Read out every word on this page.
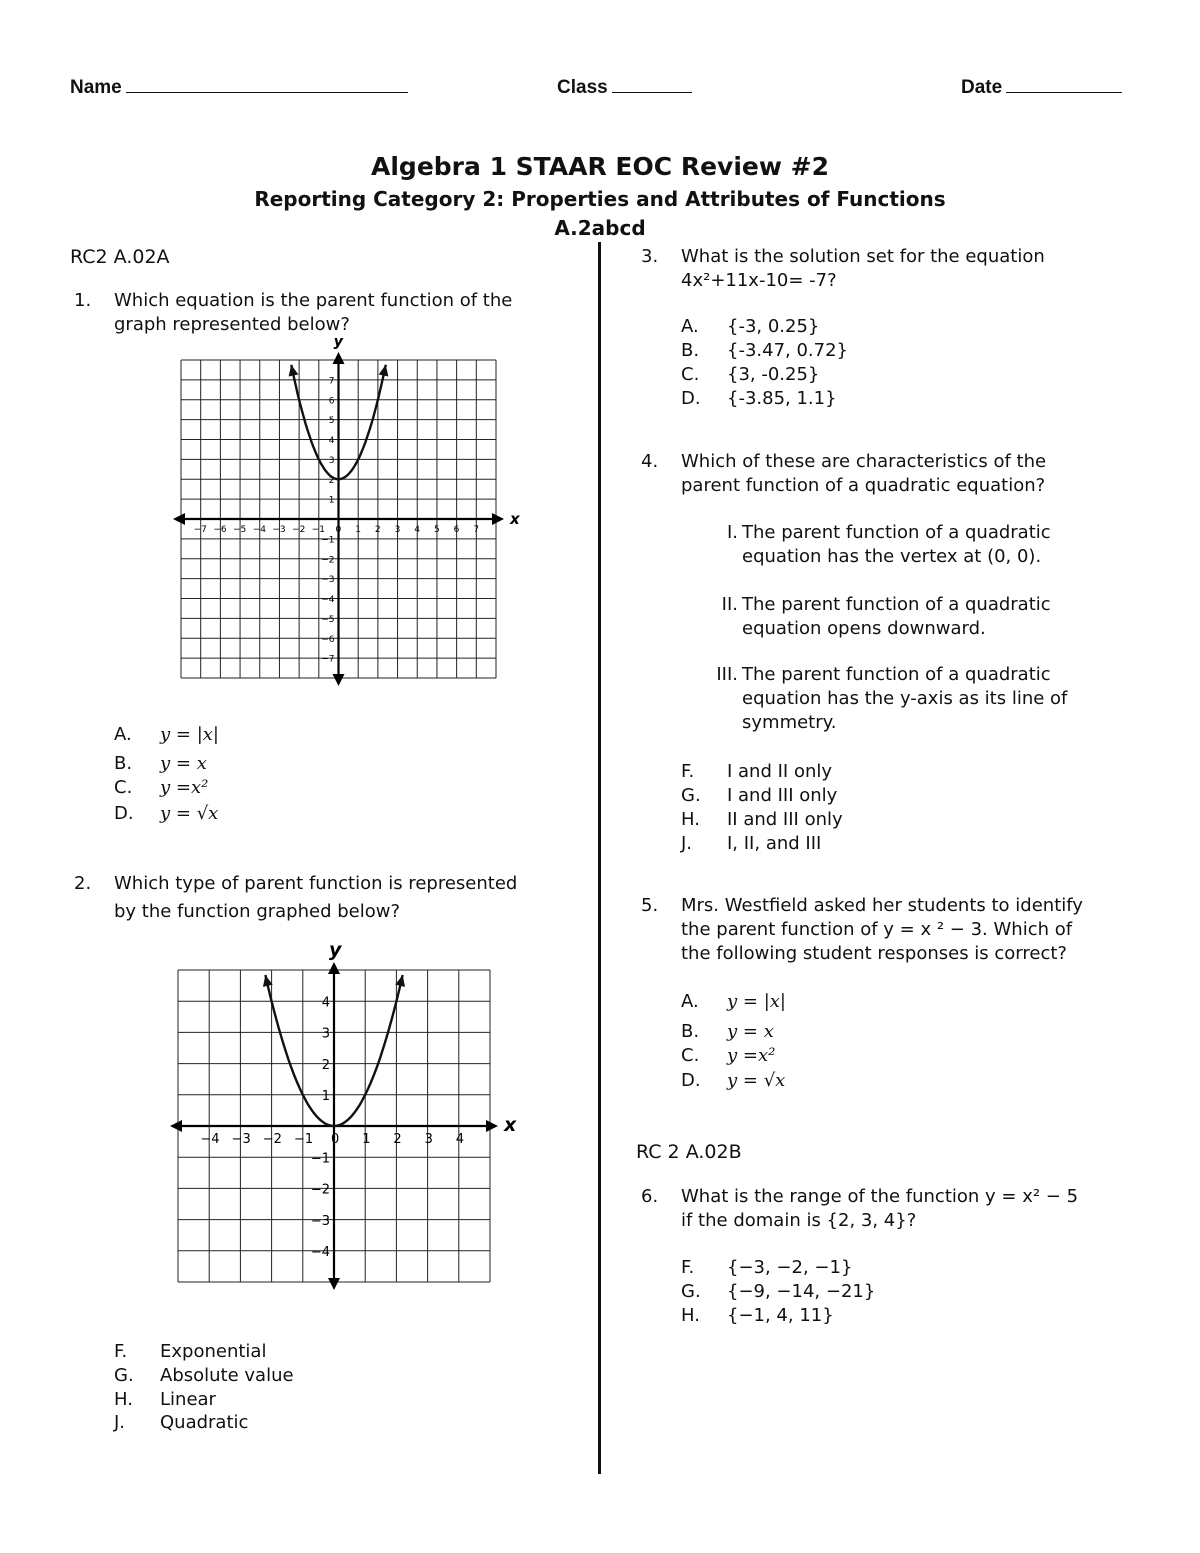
Name	Class	Date
Algebra 1 STAAR EOC Review #2
Reporting Category 2: Properties and Attributes of Functions
A.2abcd
RC2 A.02A
1. Which equation is the parent function of the
graph represented below?
x
y
−7 −6 −5 −4 −3 −2 −1 0 1 2 3 4 5 6 7
7
6
5
4
3
2
1
−1
−2
−3
−4
−5
−6
−7
A. y = |x|
B. y = x
C. y =x²
D. y = √x
2. Which type of parent function is represented
by the function graphed below?
x
y
−4 −3 −2 −1 0 1 2 3 4
4
3
2
1
−1
−2
−3
−4
F. Exponential
G. Absolute value
H. Linear
J. Quadratic
3. What is the solution set for the equation
4x²+11x-10= -7?
A. {-3, 0.25}
B. {-3.47, 0.72}
C. {3, -0.25}
D. {-3.85, 1.1}
4. Which of these are characteristics of the
parent function of a quadratic equation?
I. The parent function of a quadratic
equation has the vertex at (0, 0).
II. The parent function of a quadratic
equation opens downward.
III. The parent function of a quadratic
equation has the y-axis as its line of
symmetry.
F. I and II only
G. I and III only
H. II and III only
J. I, II, and III
5. Mrs. Westfield asked her students to identify
the parent function of y = x ² − 3. Which of
the following student responses is correct?
A. y = |x|
B. y = x
C. y =x²
D. y = √x
RC 2 A.02B
6. What is the range of the function y = x² − 5
if the domain is {2, 3, 4}?
F. {−3, −2, −1}
G. {−9, −14, −21}
H. {−1, 4, 11}
